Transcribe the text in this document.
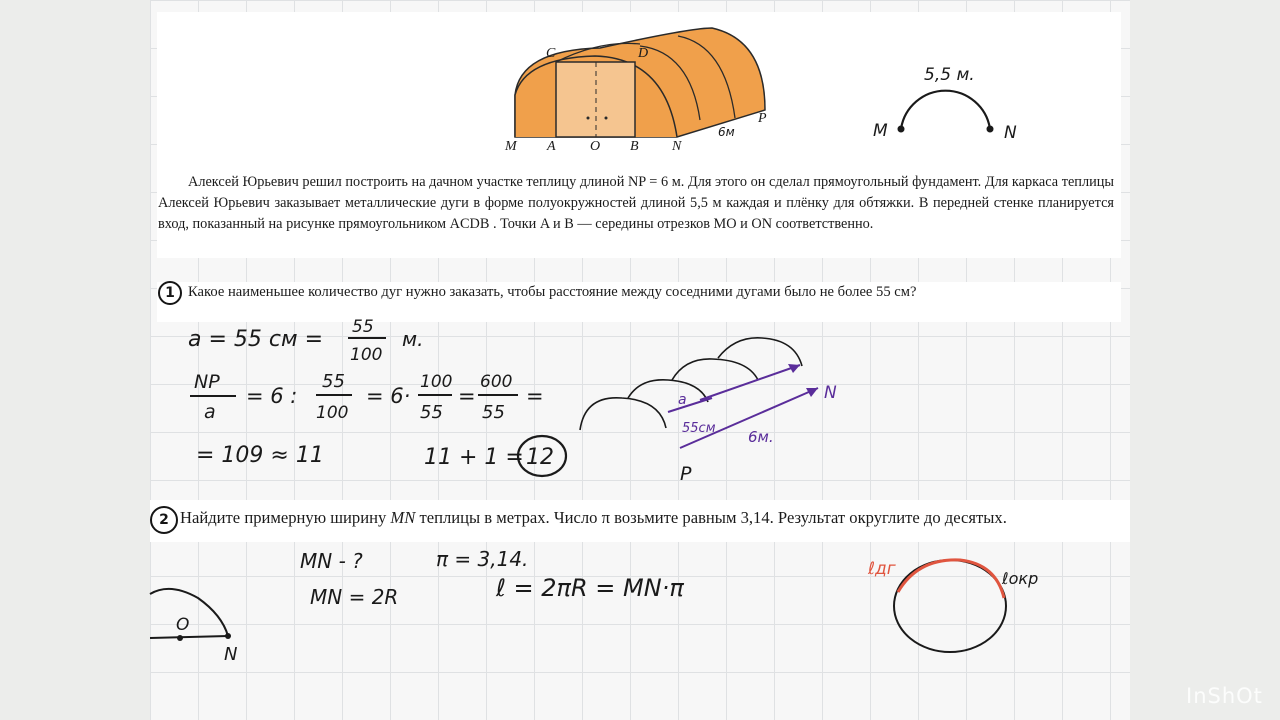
Алексей Юрьевич решил построить на дачном участке теплицу длиной NP = 6 м. Для этого он сделал прямоугольный фундамент. Для каркаса теплицы Алексей Юрьевич заказывает металлические дуги в форме полуокружностей длиной 5,5 м каждая и плёнку для обтяжки. В передней стенке планируется вход, показанный на рисунке прямоугольником ACDB . Точки A и B — середины отрезков MO и ON соответственно.

1 Какое наименьшее количество дуг нужно заказать, чтобы расстояние между соседними дугами было не более 55 см?
2 Найдите примерную ширину MN теплицы в метрах. Число π возьмите равным 3,14. Результат округлите до десятых.
C	D
M A O B N
P
6м
5,5 м.
М	N
a = 55 см = 55
100
м.
NP
a
= 6 :
55
100
= 6·
100
55
=
600
55
=
= 109 ≈ 11	11 + 1 = 12
a
55см 6м.
N
P
MN - ?	π = 3,14.
MN = 2R	ℓ = 2πR = MN·π
O
N
ℓдг	ℓокр
InShOt
